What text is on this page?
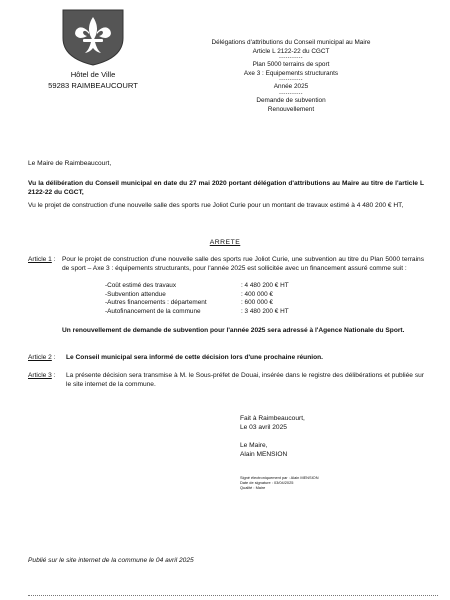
Hôtel de Ville
59283 RAIMBEAUCOURT
Délégations d'attributions du Conseil municipal au Maire
Article L 2122-22 du CGCT
-----------
Plan 5000 terrains de sport
Axe 3 : Equipements structurants
-----------
Année 2025
-----------
Demande de subvention
Renouvellement
Le Maire de Raimbeaucourt,
Vu la délibération du Conseil municipal en date du 27 mai 2020 portant délégation d'attributions au Maire au titre de l'article L 2122-22 du CGCT,
Vu le projet de construction d'une nouvelle salle des sports rue Joliot Curie pour un montant de travaux estimé à 4 480 200 € HT,
ARRETE
Article 1 : Pour le projet de construction d'une nouvelle salle des sports rue Joliot Curie, une subvention au titre du Plan 5000 terrains de sport – Axe 3 : équipements structurants, pour l'année 2025 est sollicitée avec un financement assuré comme suit :
-Coût estimé des travaux	: 4 480 200 € HT
-Subvention attendue	: 400 000 €
-Autres financements : département	: 600 000 €
-Autofinancement de la commune	: 3 480 200 € HT
Un renouvellement de demande de subvention pour l'année 2025 sera adressé à l'Agence Nationale du Sport.
Article 2 : Le Conseil municipal sera informé de cette décision lors d'une prochaine réunion.
Article 3 : La présente décision sera transmise à M. le Sous-préfet de Douai, insérée dans le registre des délibérations et publiée sur le site internet de la commune.
Fait à Raimbeaucourt,
Le 03 avril 2025
Le Maire,
Alain MENSION
Signé électroniquement par : Alain MENSION
Date de signature : 03/04/2025
Qualité : Maire
Publié sur le site internet de la commune le 04 avril 2025
